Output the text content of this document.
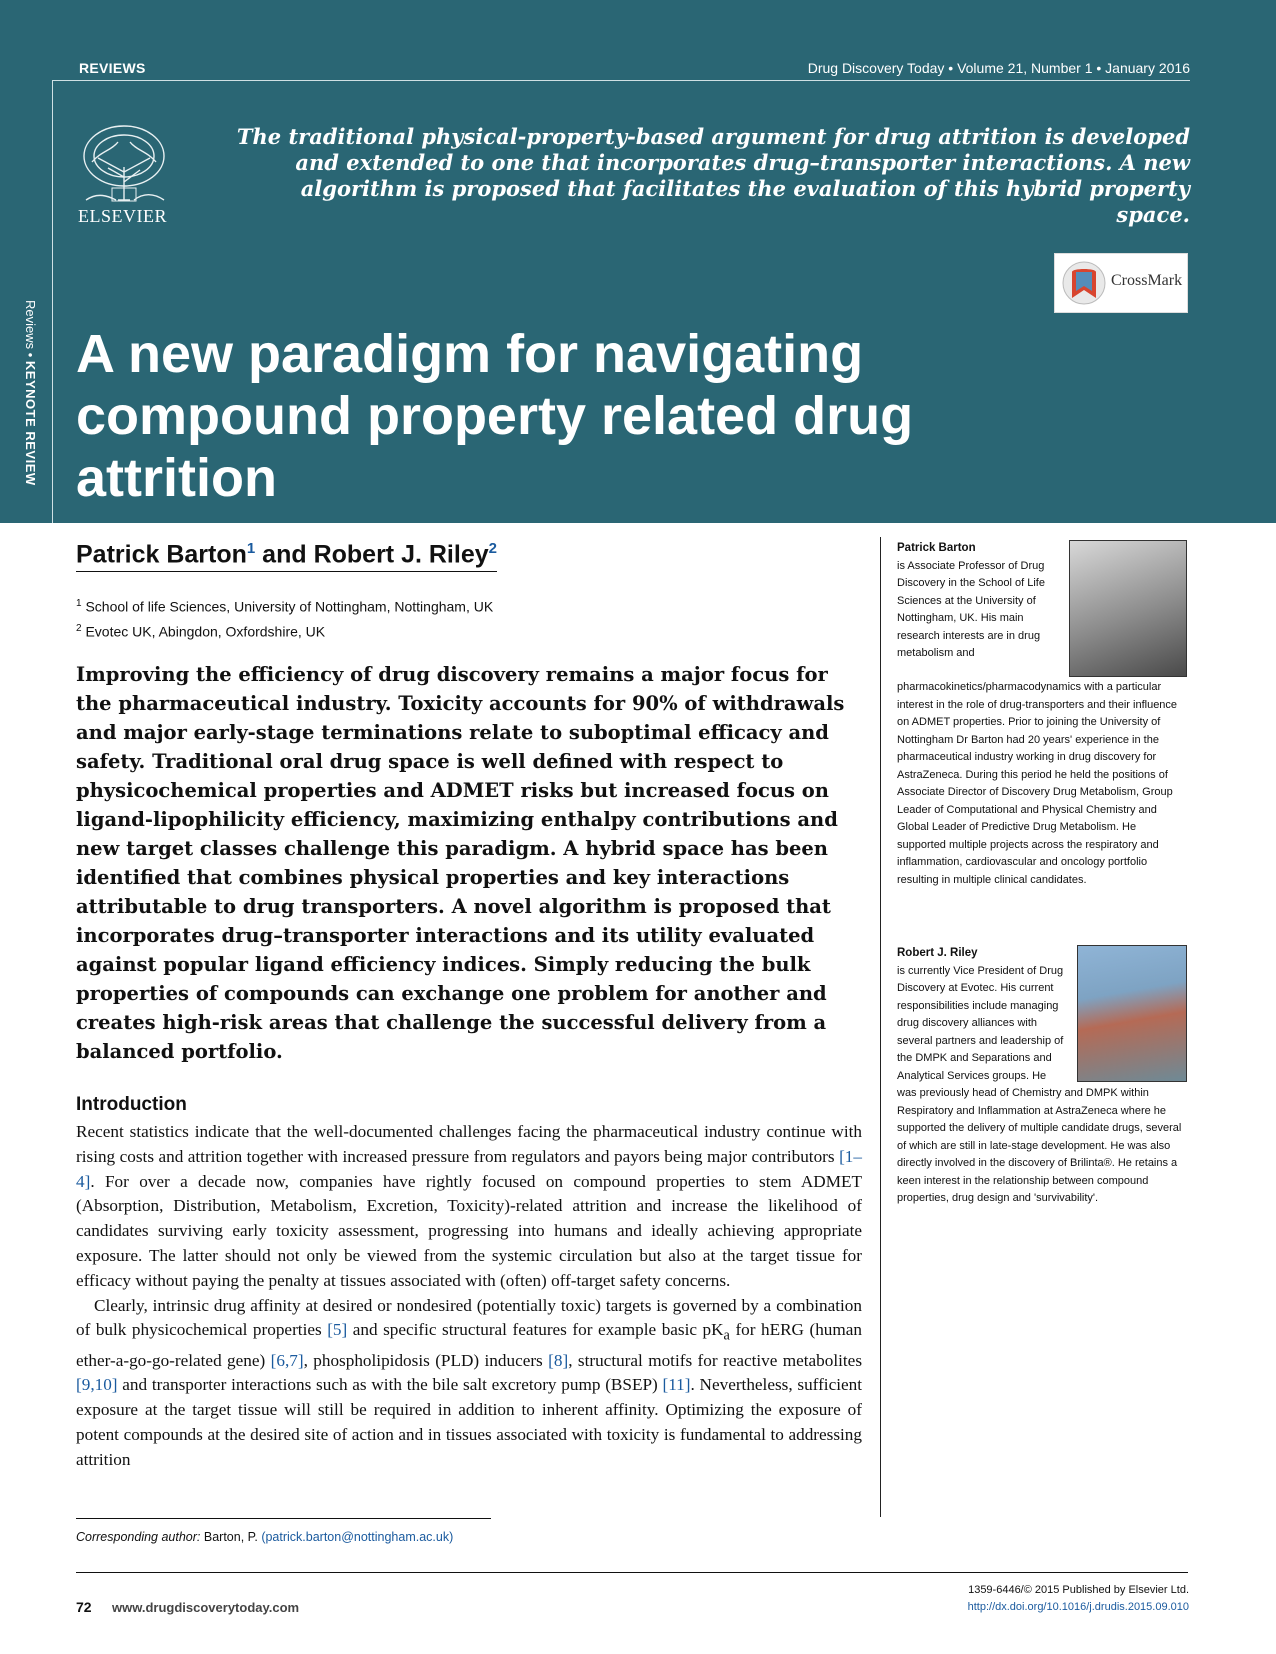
REVIEWS	Drug Discovery Today • Volume 21, Number 1 • January 2016
ELSEVIER
The traditional physical-property-based argument for drug attrition is developed and extended to one that incorporates drug–transporter interactions. A new algorithm is proposed that facilitates the evaluation of this hybrid property space.
CrossMark
Reviews • KEYNOTE REVIEW
A new paradigm for navigating compound property related drug attrition
Patrick Barton$^1$ and Robert J. Riley$^2$
$^1$ School of life Sciences, University of Nottingham, Nottingham, UK
$^2$ Evotec UK, Abingdon, Oxfordshire, UK
Improving the efficiency of drug discovery remains a major focus for the pharmaceutical industry. Toxicity accounts for 90% of withdrawals and major early-stage terminations relate to suboptimal efficacy and safety. Traditional oral drug space is well defined with respect to physicochemical properties and ADMET risks but increased focus on ligand-lipophilicity efficiency, maximizing enthalpy contributions and new target classes challenge this paradigm. A hybrid space has been identified that combines physical properties and key interactions attributable to drug transporters. A novel algorithm is proposed that incorporates drug–transporter interactions and its utility evaluated against popular ligand efficiency indices. Simply reducing the bulk properties of compounds can exchange one problem for another and creates high-risk areas that challenge the successful delivery from a balanced portfolio.
Patrick Barton
is Associate Professor of Drug Discovery in the School of Life Sciences at the University of Nottingham, UK. His main research interests are in drug metabolism and pharmacokinetics/pharmacodynamics with a particular interest in the role of drug-transporters and their influence on ADMET properties. Prior to joining the University of Nottingham Dr Barton had 20 years' experience in the pharmaceutical industry working in drug discovery for AstraZeneca. During this period he held the positions of Associate Director of Discovery Drug Metabolism, Group Leader of Computational and Physical Chemistry and Global Leader of Predictive Drug Metabolism. He supported multiple projects across the respiratory and inflammation, cardiovascular and oncology portfolio resulting in multiple clinical candidates.
Robert J. Riley
is currently Vice President of Drug Discovery at Evotec. His current responsibilities include managing drug discovery alliances with several partners and leadership of the DMPK and Separations and Analytical Services groups. He was previously head of Chemistry and DMPK within Respiratory and Inflammation at AstraZeneca where he supported the delivery of multiple candidate drugs, several of which are still in late-stage development. He was also directly involved in the discovery of Brilinta®. He retains a keen interest in the relationship between compound properties, drug design and 'survivability'.
Introduction

Recent statistics indicate that the well-documented challenges facing the pharmaceutical industry continue with rising costs and attrition together with increased pressure from regulators and payors being major contributors [1–4]. For over a decade now, companies have rightly focused on compound properties to stem ADMET (Absorption, Distribution, Metabolism, Excretion, Toxicity)-related attrition and increase the likelihood of candidates surviving early toxicity assessment, progressing into humans and ideally achieving appropriate exposure. The latter should not only be viewed from the systemic circulation but also at the target tissue for efficacy without paying the penalty at tissues associated with (often) off-target safety concerns.

Clearly, intrinsic drug affinity at desired or nondesired (potentially toxic) targets is governed by a combination of bulk physicochemical properties [5] and specific structural features for example basic $pK_a$ for hERG (human ether-a-go-go-related gene) [6,7], phospholipidosis (PLD) inducers [8], structural motifs for reactive metabolites [9,10] and transporter interactions such as with the bile salt excretory pump (BSEP) [11]. Nevertheless, sufficient exposure at the target tissue will still be required in addition to inherent affinity. Optimizing the exposure of potent compounds at the desired site of action and in tissues associated with toxicity is fundamental to addressing attrition

Corresponding author: Barton, P. (patrick.barton@nottingham.ac.uk)
72 www.drugdiscoverytoday.com
1359-6446/© 2015 Published by Elsevier Ltd.
http://dx.doi.org/10.1016/j.drudis.2015.09.010
